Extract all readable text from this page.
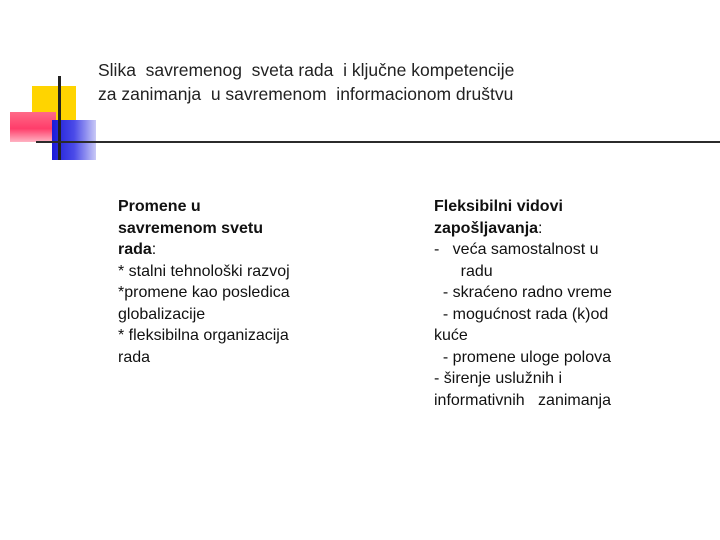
Slika  savremenog  sveta rada  i ključne kompetencije
za zanimanja  u savremenom  informacionom društvu
Promene u
savremenom svetu
rada:
* stalni tehnološki razvoj
*promene kao posledica
globalizacije
* fleksibilna organizacija
rada
Fleksibilni vidovi
zapošljavanja:
-   veća samostalnost u
radu
- skraćeno radno vreme
- mogućnost rada (k)od
kuće
- promene uloge polova
- širenje uslužnih i
informativnih   zanimanja
